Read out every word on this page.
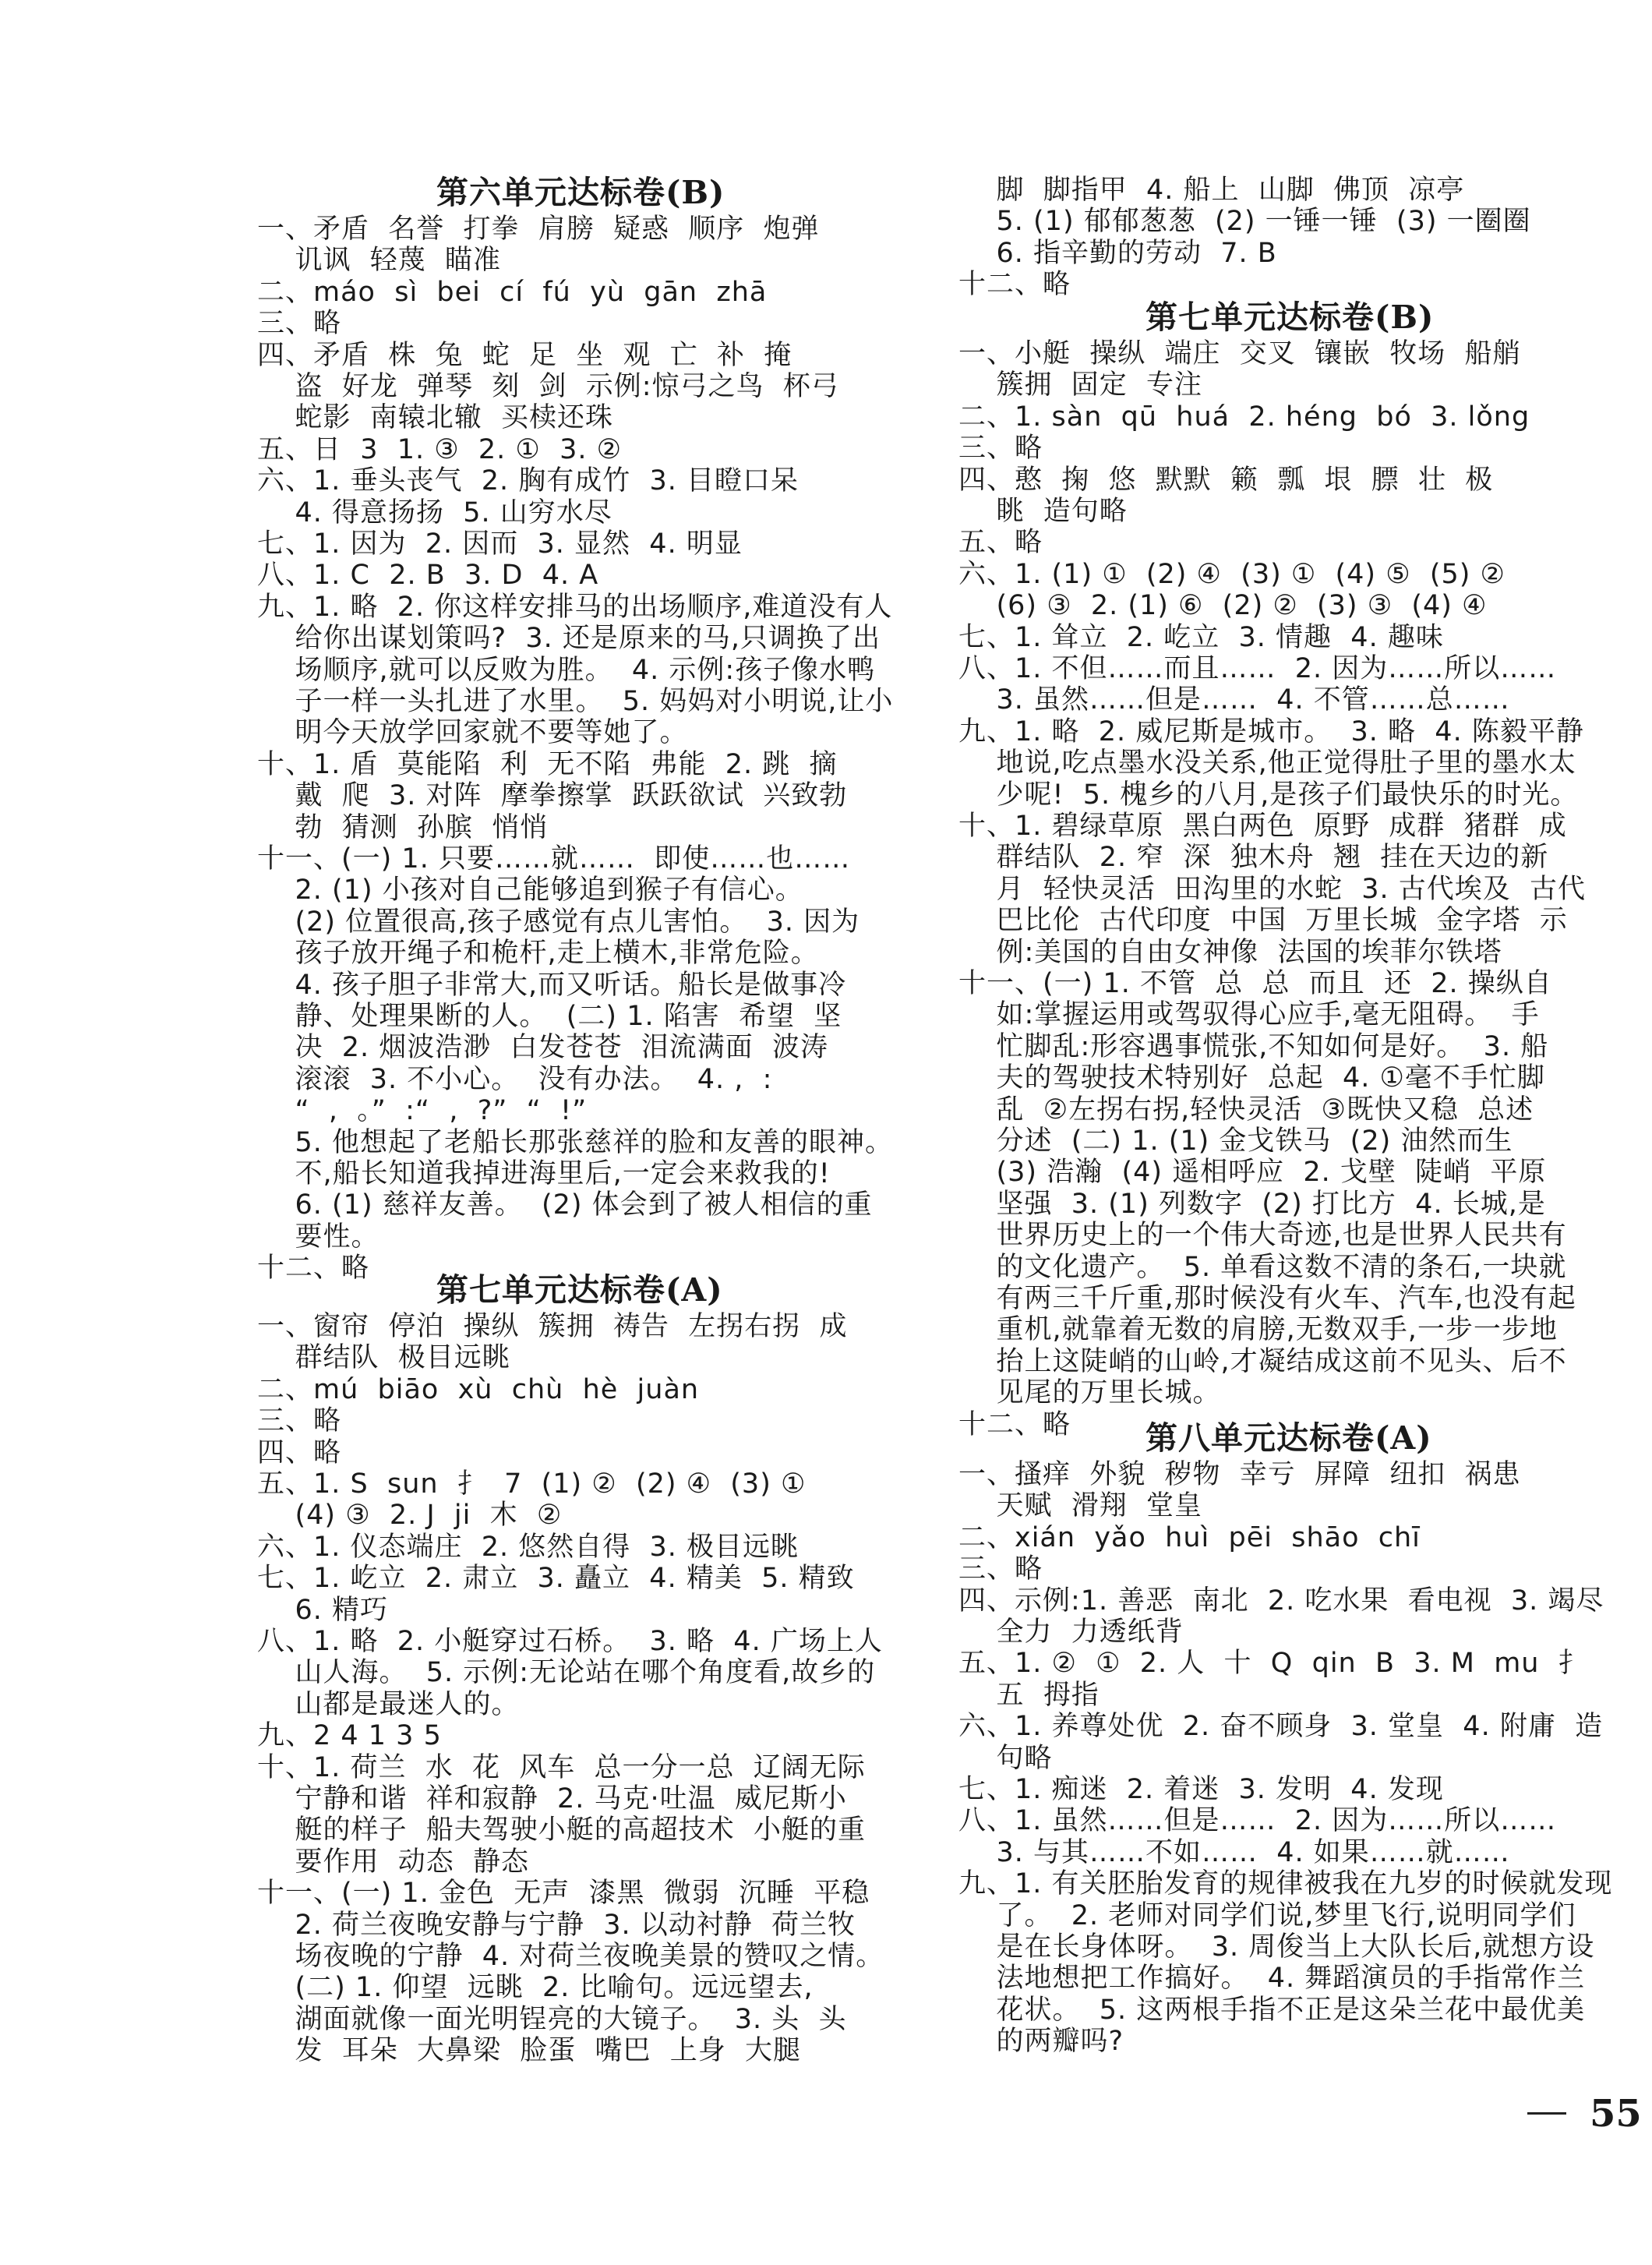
第六单元达标卷(B)
一、矛盾  名誉  打拳  肩膀  疑惑  顺序  炮弹
讥讽  轻蔑  瞄准
二、máo  sì  bei  cí  fú  yù  gān  zhā
三、略
四、矛盾  株  兔  蛇  足  坐  观  亡  补  掩
盗  好龙  弹琴  刻  剑  示例:惊弓之鸟  杯弓
蛇影  南辕北辙  买椟还珠
五、日  3  1. ③  2. ①  3. ②
六、1. 垂头丧气  2. 胸有成竹  3. 目瞪口呆
4. 得意扬扬  5. 山穷水尽
七、1. 因为  2. 因而  3. 显然  4. 明显
八、1. C  2. B  3. D  4. A
九、1. 略  2. 你这样安排马的出场顺序,难道没有人
给你出谋划策吗?  3. 还是原来的马,只调换了出
场顺序,就可以反败为胜。  4. 示例:孩子像水鸭
子一样一头扎进了水里。  5. 妈妈对小明说,让小
明今天放学回家就不要等她了。
十、1. 盾  莫能陷  利  无不陷  弗能  2. 跳  摘
戴  爬  3. 对阵  摩拳擦掌  跃跃欲试  兴致勃
勃  猜测  孙膑  悄悄
十一、(一) 1. 只要……就……  即使……也……
2. (1) 小孩对自己能够追到猴子有信心。
(2) 位置很高,孩子感觉有点儿害怕。  3. 因为
孩子放开绳子和桅杆,走上横木,非常危险。
4. 孩子胆子非常大,而又听话。船长是做事冷
静、处理果断的人。  (二) 1. 陷害  希望  坚
决  2. 烟波浩渺  白发苍苍  泪流满面  波涛
滚滚  3. 不小心。  没有办法。  4. ,  :
“  ,  。”  :“  ,  ?”  “  !”
5. 他想起了老船长那张慈祥的脸和友善的眼神。
不,船长知道我掉进海里后,一定会来救我的!
6. (1) 慈祥友善。  (2) 体会到了被人相信的重
要性。
十二、略
第七单元达标卷(A)
一、窗帘  停泊  操纵  簇拥  祷告  左拐右拐  成
群结队  极目远眺
二、mú  biāo  xù  chù  hè  juàn
三、略
四、略
五、1. S  sun  扌  7  (1) ②  (2) ④  (3) ①
(4) ③  2. J  ji  木  ②
六、1. 仪态端庄  2. 悠然自得  3. 极目远眺
七、1. 屹立  2. 肃立  3. 矗立  4. 精美  5. 精致
6. 精巧
八、1. 略  2. 小艇穿过石桥。  3. 略  4. 广场上人
山人海。  5. 示例:无论站在哪个角度看,故乡的
山都是最迷人的。
九、2 4 1 3 5
十、1. 荷兰  水  花  风车  总一分一总  辽阔无际
宁静和谐  祥和寂静  2. 马克·吐温  威尼斯小
艇的样子  船夫驾驶小艇的高超技术  小艇的重
要作用  动态  静态
十一、(一) 1. 金色  无声  漆黑  微弱  沉睡  平稳
2. 荷兰夜晚安静与宁静  3. 以动衬静  荷兰牧
场夜晚的宁静  4. 对荷兰夜晚美景的赞叹之情。
(二) 1. 仰望  远眺  2. 比喻句。远远望去,
湖面就像一面光明锃亮的大镜子。  3. 头  头
发  耳朵  大鼻梁  脸蛋  嘴巴  上身  大腿
脚  脚指甲  4. 船上  山脚  佛顶  凉亭
5. (1) 郁郁葱葱  (2) 一锤一锤  (3) 一圈圈
6. 指辛勤的劳动  7. B
十二、略
第七单元达标卷(B)
一、小艇  操纵  端庄  交叉  镶嵌  牧场  船艄
簇拥  固定  专注
二、1. sàn  qū  huá  2. héng  bó  3. lǒng
三、略
四、憨  掬  悠  默默  籁  瓢  垠  膘  壮  极
眺  造句略
五、略
六、1. (1) ①  (2) ④  (3) ①  (4) ⑤  (5) ②
(6) ③  2. (1) ⑥  (2) ②  (3) ③  (4) ④
七、1. 耸立  2. 屹立  3. 情趣  4. 趣味
八、1. 不但……而且……  2. 因为……所以……
3. 虽然……但是……  4. 不管……总……
九、1. 略  2. 威尼斯是城市。  3. 略  4. 陈毅平静
地说,吃点墨水没关系,他正觉得肚子里的墨水太
少呢!  5. 槐乡的八月,是孩子们最快乐的时光。
十、1. 碧绿草原  黑白两色  原野  成群  猪群  成
群结队  2. 窄  深  独木舟  翘  挂在天边的新
月  轻快灵活  田沟里的水蛇  3. 古代埃及  古代
巴比伦  古代印度  中国  万里长城  金字塔  示
例:美国的自由女神像  法国的埃菲尔铁塔
十一、(一) 1. 不管  总  总  而且  还  2. 操纵自
如:掌握运用或驾驭得心应手,毫无阻碍。  手
忙脚乱:形容遇事慌张,不知如何是好。  3. 船
夫的驾驶技术特别好  总起  4. ①毫不手忙脚
乱  ②左拐右拐,轻快灵活  ③既快又稳  总述
分述  (二) 1. (1) 金戈铁马  (2) 油然而生
(3) 浩瀚  (4) 遥相呼应  2. 戈壁  陡峭  平原
坚强  3. (1) 列数字  (2) 打比方  4. 长城,是
世界历史上的一个伟大奇迹,也是世界人民共有
的文化遗产。  5. 单看这数不清的条石,一块就
有两三千斤重,那时候没有火车、汽车,也没有起
重机,就靠着无数的肩膀,无数双手,一步一步地
抬上这陡峭的山岭,才凝结成这前不见头、后不
见尾的万里长城。
十二、略 第八单元达标卷(A)
一、搔痒  外貌  秽物  幸亏  屏障  纽扣  祸患
天赋  滑翔  堂皇
二、xián  yǎo  huì  pēi  shāo  chī
三、略
四、示例:1. 善恶  南北  2. 吃水果  看电视  3. 竭尽
全力  力透纸背
五、1. ②  ①  2. 人  十  Q  qin  B  3. M  mu  扌
五  拇指
六、1. 养尊处优  2. 奋不顾身  3. 堂皇  4. 附庸  造
句略
七、1. 痴迷  2. 着迷  3. 发明  4. 发现
八、1. 虽然……但是……  2. 因为……所以……
3. 与其……不如……  4. 如果……就……
九、1. 有关胚胎发育的规律被我在九岁的时候就发现
了。  2. 老师对同学们说,梦里飞行,说明同学们
是在长身体呀。  3. 周俊当上大队长后,就想方设
法地想把工作搞好。  4. 舞蹈演员的手指常作兰
花状。  5. 这两根手指不正是这朵兰花中最优美
的两瓣吗?
55
